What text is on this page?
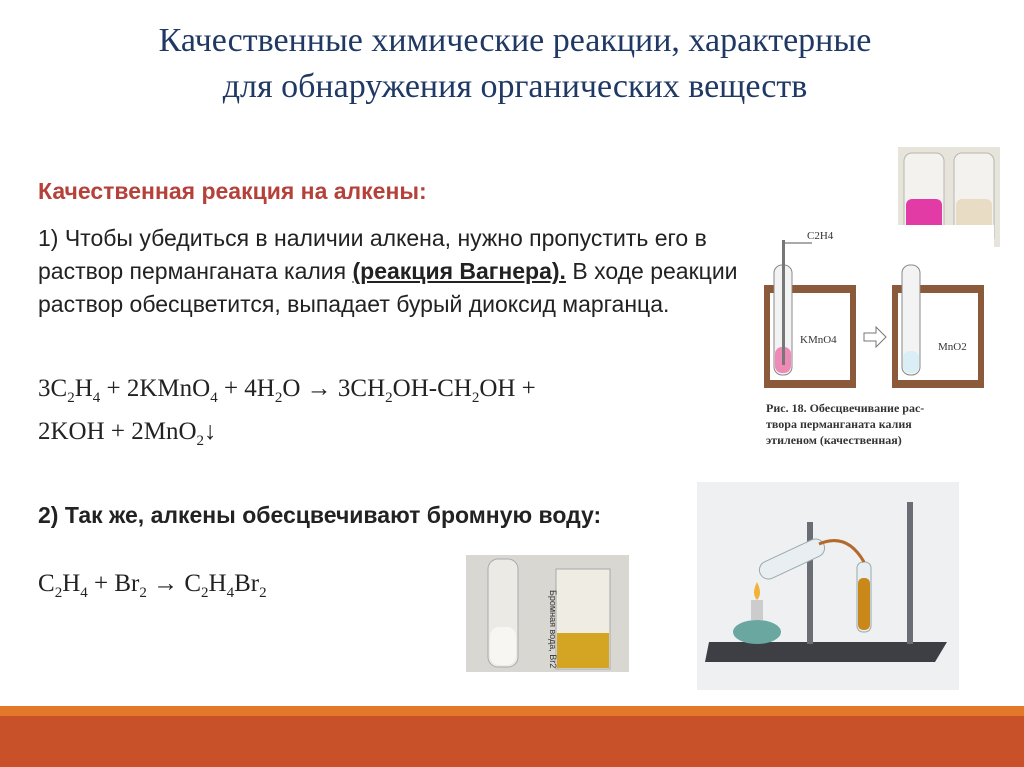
Качественные химические реакции, характерные
для обнаружения органических веществ
Качественная реакция на алкены:
1) Чтобы убедиться в наличии алкена, нужно пропустить его в раствор перманганата калия (реакция Вагнера). В ходе реакции раствор обесцветится, выпадает бурый диоксид марганца.
$3C_2H_4$ + 2KMnO$_4$ + $4H_2O \to 3CH_2OH-CH_2OH$ +
2KOH + 2MnO$_2$↓
2) Так же, алкены обесцвечивают бромную воду:
$C_2H_4 + Br_2 \to C_2H_4Br_2$
C2H4
KMnO4
MnO2
Рис. 18. Обесцвечивание рас-
твора перманганата калия
этиленом (качественная)
Бромная вода, Br2
